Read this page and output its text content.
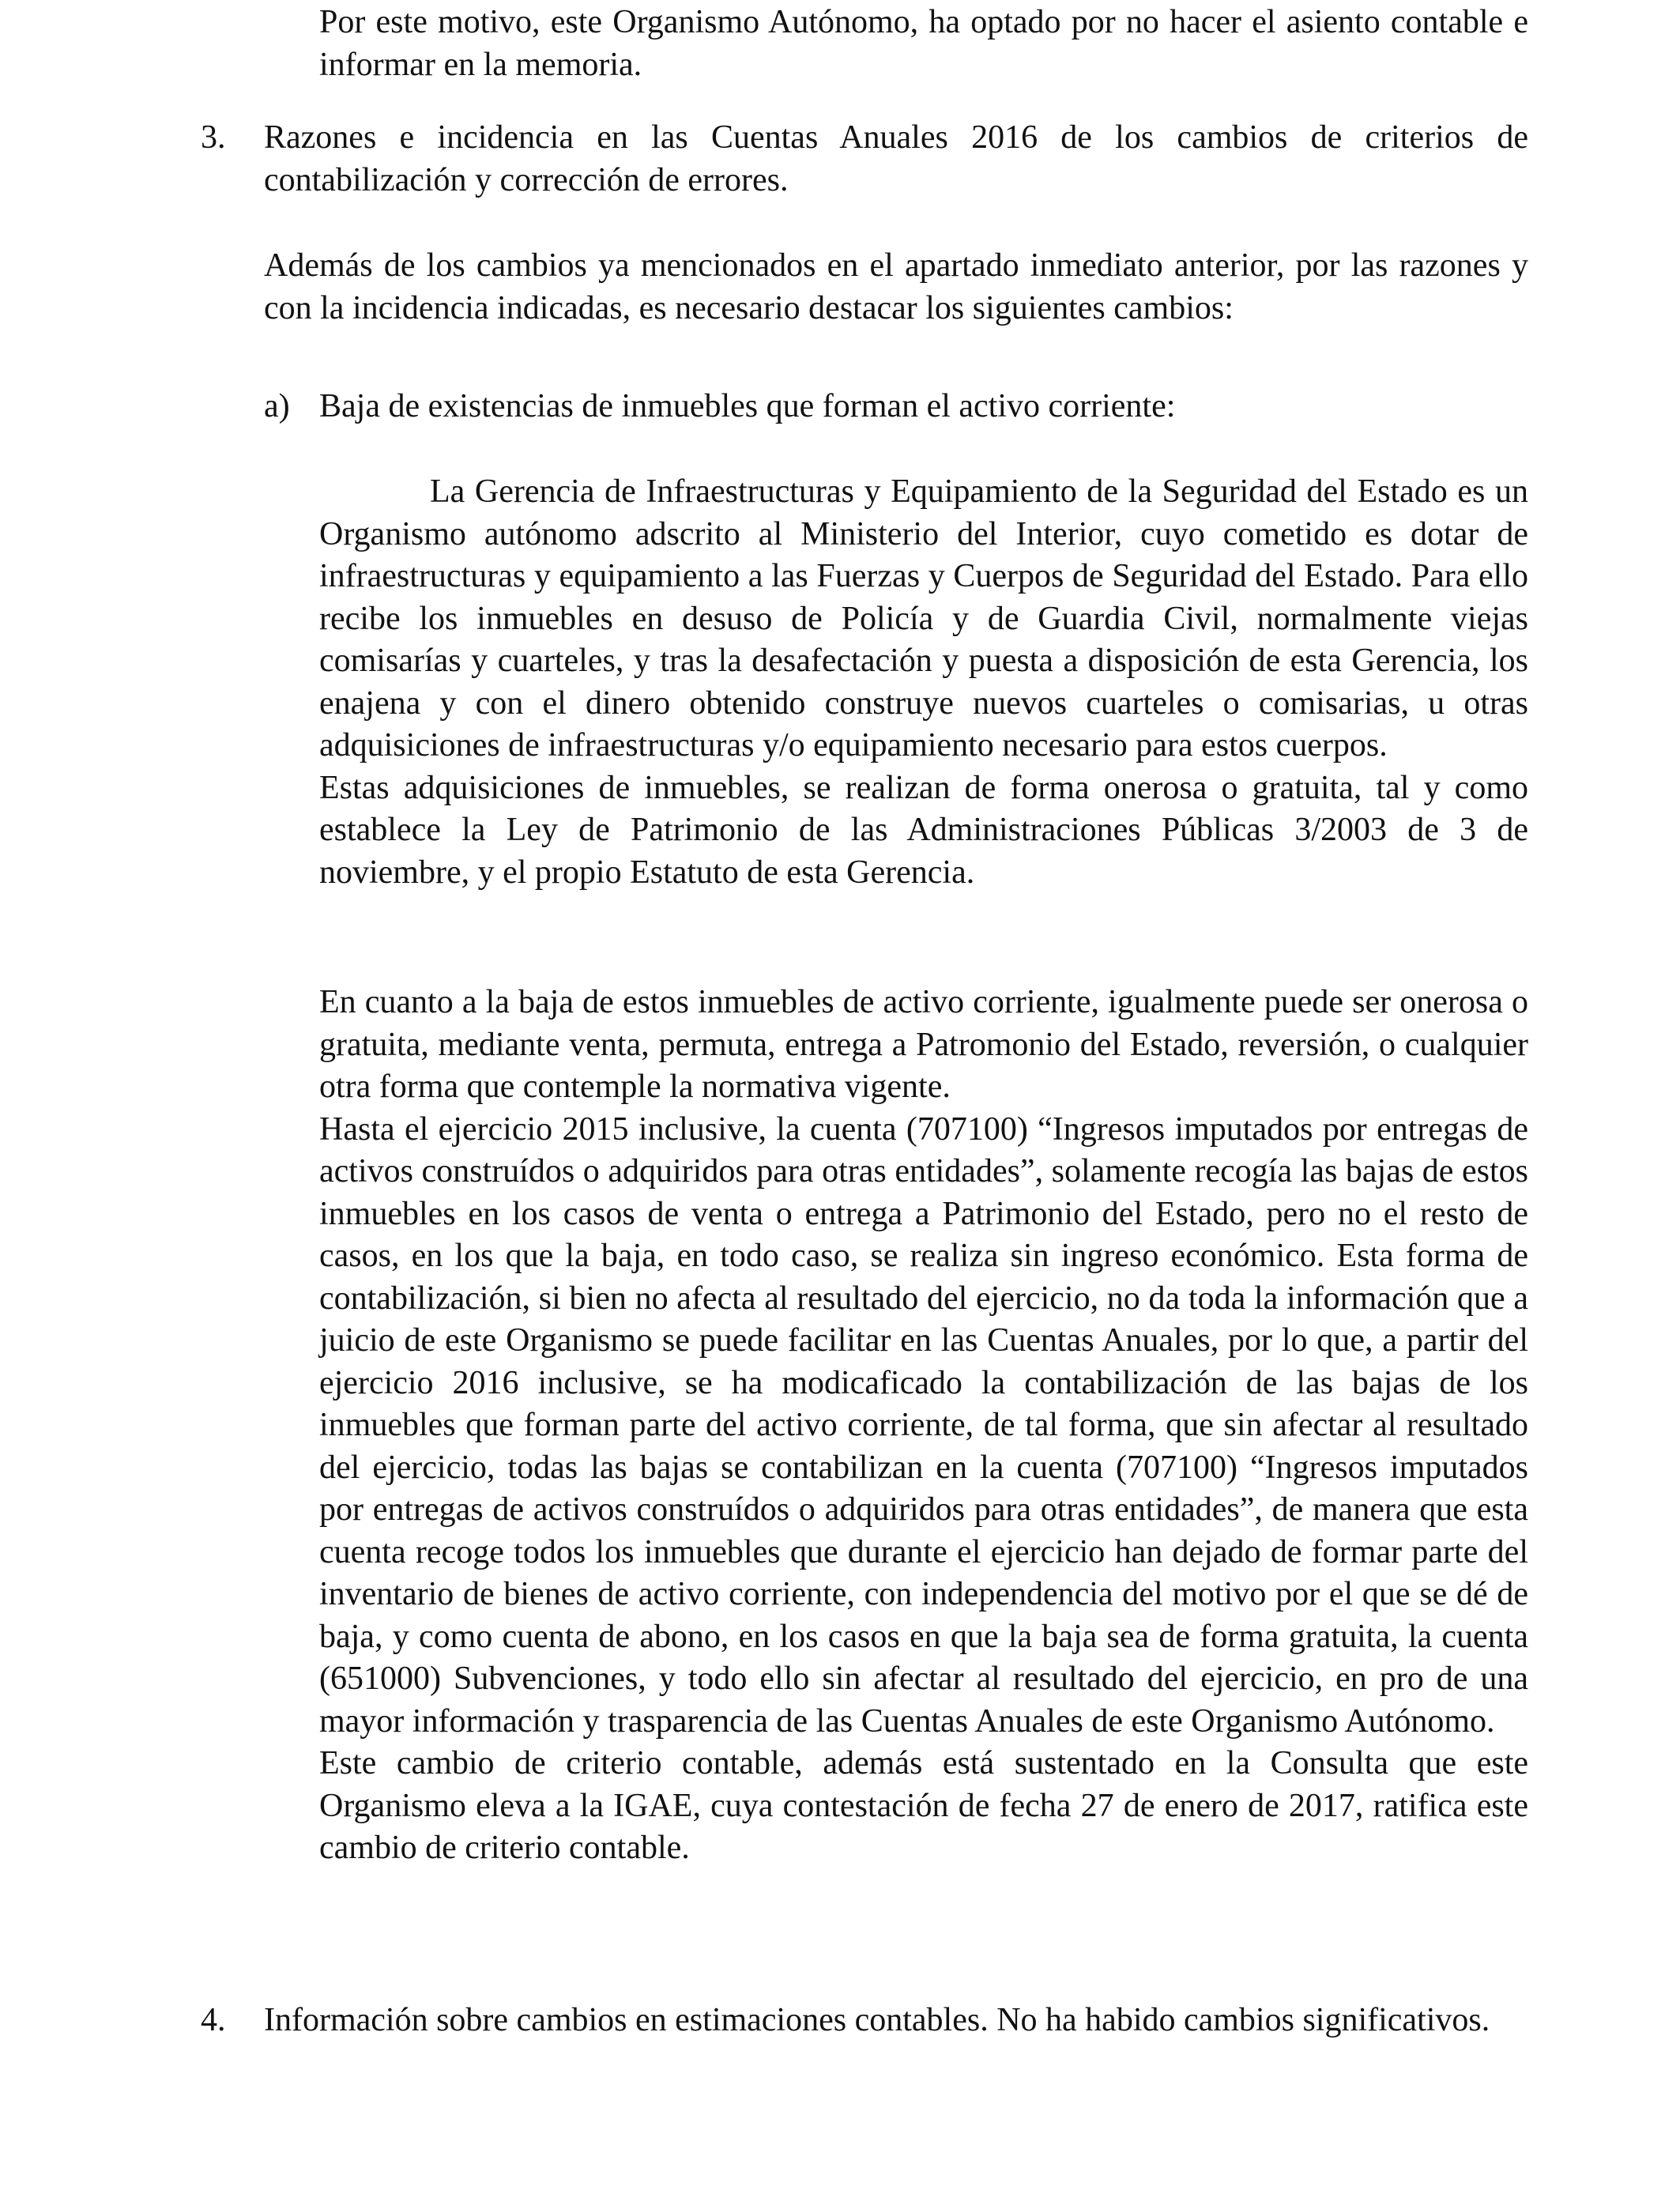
Por este motivo, este Organismo Autónomo, ha optado por no hacer el asiento contable e informar en la memoria.

3. Razones e incidencia en las Cuentas Anuales 2016 de los cambios de criterios de contabilización y corrección de errores.

Además de los cambios ya mencionados en el apartado inmediato anterior, por las razones y con la incidencia indicadas, es necesario destacar los siguientes cambios:

a) Baja de existencias de inmuebles que forman el activo corriente:

La Gerencia de Infraestructuras y Equipamiento de la Seguridad del Estado es un Organismo autónomo adscrito al Ministerio del Interior, cuyo cometido es dotar de infraestructuras y equipamiento a las Fuerzas y Cuerpos de Seguridad del Estado. Para ello recibe los inmuebles en desuso de Policía y de Guardia Civil, normalmente viejas comisarías y cuarteles, y tras la desafectación y puesta a disposición de esta Gerencia, los enajena y con el dinero obtenido construye nuevos cuarteles o comisarias, u otras adquisiciones de infraestructuras y/o equipamiento necesario para estos cuerpos.

Estas adquisiciones de inmuebles, se realizan de forma onerosa o gratuita, tal y como establece la Ley de Patrimonio de las Administraciones Públicas 3/2003 de 3 de noviembre, y el propio Estatuto de esta Gerencia.

En cuanto a la baja de estos inmuebles de activo corriente, igualmente puede ser onerosa o gratuita, mediante venta, permuta, entrega a Patromonio del Estado, reversión, o cualquier otra forma que contemple la normativa vigente.

Hasta el ejercicio 2015 inclusive, la cuenta (707100) “Ingresos imputados por entregas de activos construídos o adquiridos para otras entidades”, solamente recogía las bajas de estos inmuebles en los casos de venta o entrega a Patrimonio del Estado, pero no el resto de casos, en los que la baja, en todo caso, se realiza sin ingreso económico. Esta forma de contabilización, si bien no afecta al resultado del ejercicio, no da toda la información que a juicio de este Organismo se puede facilitar en las Cuentas Anuales, por lo que, a partir del ejercicio 2016 inclusive, se ha modicaficado la contabilización de las bajas de los inmuebles que forman parte del activo corriente, de tal forma, que sin afectar al resultado del ejercicio, todas las bajas se contabilizan en la cuenta (707100) “Ingresos imputados por entregas de activos construídos o adquiridos para otras entidades”, de manera que esta cuenta recoge todos los inmuebles que durante el ejercicio han dejado de formar parte del inventario de bienes de activo corriente, con independencia del motivo por el que se dé de baja, y como cuenta de abono, en los casos en que la baja sea de forma gratuita, la cuenta (651000) Subvenciones, y todo ello sin afectar al resultado del ejercicio, en pro de una mayor información y trasparencia de las Cuentas Anuales de este Organismo Autónomo.

Este cambio de criterio contable, además está sustentado en la Consulta que este Organismo eleva a la IGAE, cuya contestación de fecha 27 de enero de 2017, ratifica este cambio de criterio contable.

4. Información sobre cambios en estimaciones contables. No ha habido cambios significativos.
